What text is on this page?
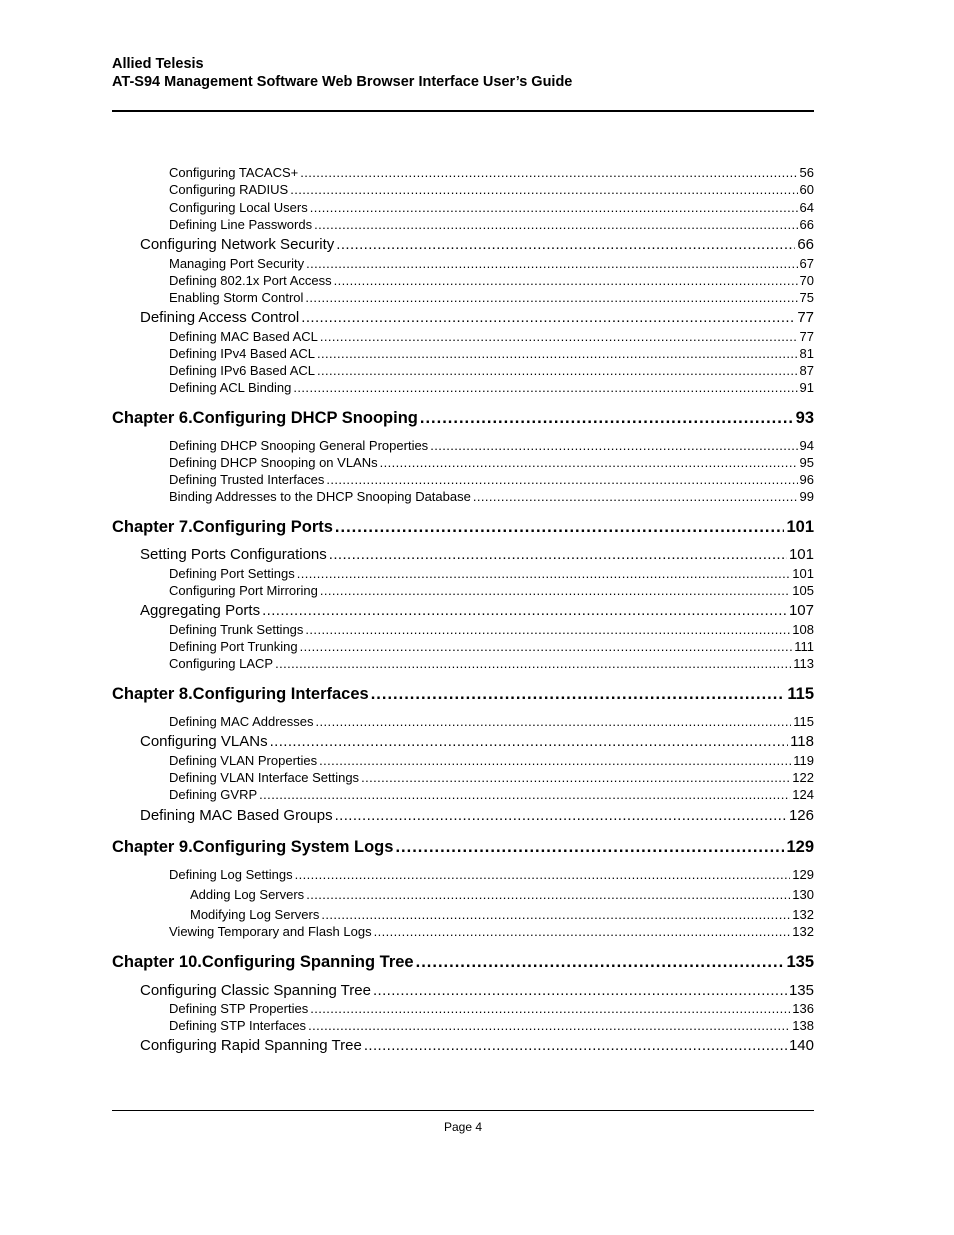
Allied Telesis
AT-S94 Management Software Web Browser Interface User’s Guide
Configuring TACACS+ .....	56
Configuring RADIUS .....	60
Configuring Local Users .....	64
Defining Line Passwords .....	66
Configuring Network Security .....	66
Managing Port Security .....	67
Defining 802.1x Port Access .....	70
Enabling Storm Control .....	75
Defining Access Control .....	77
Defining MAC Based ACL .....	77
Defining IPv4 Based ACL .....	81
Defining IPv6 Based ACL .....	87
Defining ACL Binding .....	91
Chapter 6.Configuring DHCP Snooping .....	93
Defining DHCP Snooping General Properties .....	94
Defining DHCP Snooping on VLANs .....	95
Defining Trusted Interfaces .....	96
Binding Addresses to the DHCP Snooping Database .....	99
Chapter 7.Configuring Ports .....	101
Setting Ports Configurations .....	101
Defining Port Settings .....	101
Configuring Port Mirroring .....	105
Aggregating Ports .....	107
Defining Trunk Settings .....	108
Defining Port Trunking .....	111
Configuring LACP .....	113
Chapter 8.Configuring Interfaces .....	115
Defining MAC Addresses .....	115
Configuring VLANs .....	118
Defining VLAN Properties .....	119
Defining VLAN Interface Settings .....	122
Defining GVRP .....	124
Defining MAC Based Groups .....	126
Chapter 9.Configuring System Logs .....	129
Defining Log Settings .....	129
Adding Log Servers .....	130
Modifying Log Servers .....	132
Viewing Temporary and Flash Logs .....	132
Chapter 10.Configuring Spanning Tree .....	135
Configuring Classic Spanning Tree .....	135
Defining STP Properties .....	136
Defining STP Interfaces .....	138
Configuring Rapid Spanning Tree .....	140
Page 4
